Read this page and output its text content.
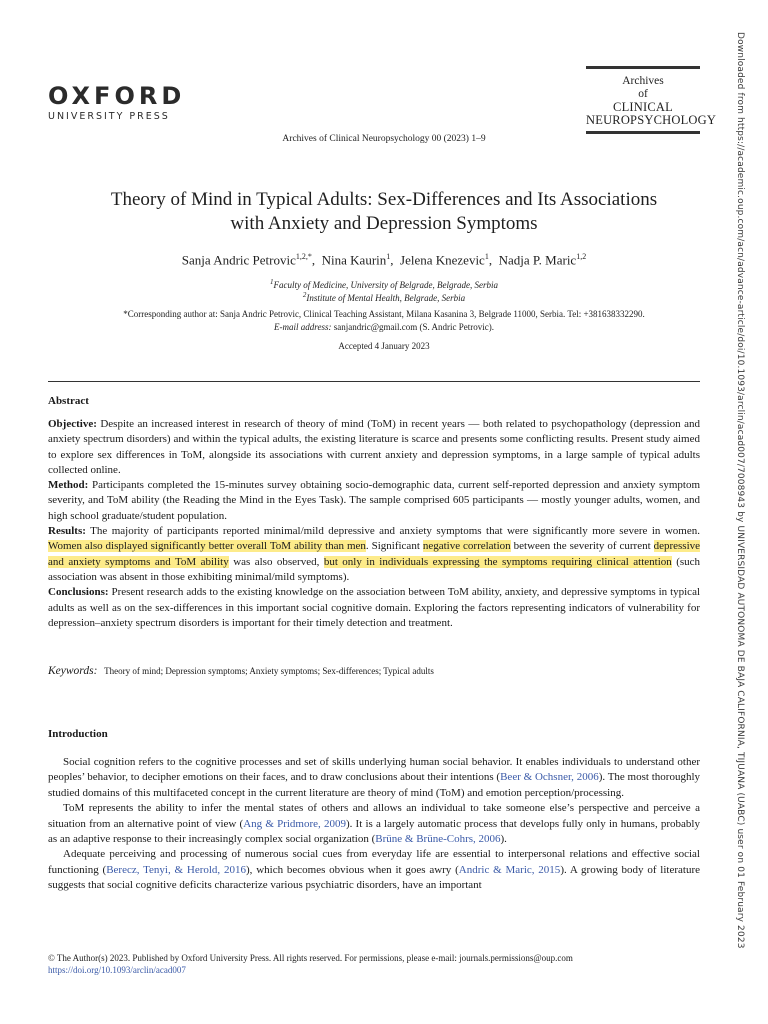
OXFORD
UNIVERSITY PRESS
Archives
of
CLINICAL
NEUROPSYCHOLOGY
Archives of Clinical Neuropsychology 00 (2023) 1–9
Theory of Mind in Typical Adults: Sex-Differences and Its Associations
with Anxiety and Depression Symptoms
Sanja Andric Petrovic$^{1,2,*}$,  Nina Kaurin$^1$,  Jelena Knezevic$^1$,  Nadja P. Maric$^{1,2}$
$^1$Faculty of Medicine, University of Belgrade, Belgrade, Serbia
$^2$Institute of Mental Health, Belgrade, Serbia
*Corresponding author at: Sanja Andric Petrovic, Clinical Teaching Assistant, Milana Kasanina 3, Belgrade 11000, Serbia. Tel: +381638332290.
E-mail address: sanjandric@gmail.com (S. Andric Petrovic).
Accepted 4 January 2023
Abstract

Objective: Despite an increased interest in research of theory of mind (ToM) in recent years — both related to psychopathology (depression and anxiety spectrum disorders) and within the typical adults, the existing literature is scarce and presents some conflicting results. Present study aimed to explore sex differences in ToM, alongside its associations with current anxiety and depression symptoms, in a large sample of typical adults collected online.

Method: Participants completed the 15-minutes survey obtaining socio-demographic data, current self-reported depression and anxiety symptom severity, and ToM ability (the Reading the Mind in the Eyes Task). The sample comprised 605 participants — mostly younger adults, women, and high school graduate/student population.

Results: The majority of participants reported minimal/mild depressive and anxiety symptoms that were significantly more severe in women. Women also displayed significantly better overall ToM ability than men. Significant negative correlation between the severity of current depressive and anxiety symptoms and ToM ability was also observed, but only in individuals expressing the symptoms requiring clinical attention (such association was absent in those exhibiting minimal/mild symptoms).

Conclusions: Present research adds to the existing knowledge on the association between ToM ability, anxiety, and depressive symptoms in typical adults as well as on the sex-differences in this important social cognitive domain. Exploring the factors representing indicators of vulnerability for depression–anxiety spectrum disorders is important for their timely detection and treatment.

Keywords: Theory of mind; Depression symptoms; Anxiety symptoms; Sex-differences; Typical adults
Introduction

Social cognition refers to the cognitive processes and set of skills underlying human social behavior. It enables individuals to understand other peoples’ behavior, to decipher emotions on their faces, and to draw conclusions about their intentions (Beer & Ochsner, 2006). The most thoroughly studied domains of this multifaceted concept in the current literature are theory of mind (ToM) and emotion perception/processing.

ToM represents the ability to infer the mental states of others and allows an individual to take someone else’s perspective and perceive a situation from an alternative point of view (Ang & Pridmore, 2009). It is a largely automatic process that develops fully only in humans, probably as an adaptive response to their increasingly complex social organization (Brüne & Brüne-Cohrs, 2006).

Adequate perceiving and processing of numerous social cues from everyday life are essential to interpersonal relations and effective social functioning (Berecz, Tenyi, & Herold, 2016), which becomes obvious when it goes awry (Andric & Maric, 2015). A growing body of literature suggests that social cognitive deficits characterize various psychiatric disorders, have an important

© The Author(s) 2023. Published by Oxford University Press. All rights reserved. For permissions, please e-mail: journals.permissions@oup.com
https://doi.org/10.1093/arclin/acad007
Downloaded from https://academic.oup.com/acn/advance-article/doi/10.1093/arclin/acad007/7008943 by UNIVERSIDAD AUTONOMA DE BAJA CALIFORNIA, TIJUANA (UABC) user on 01 February 2023
